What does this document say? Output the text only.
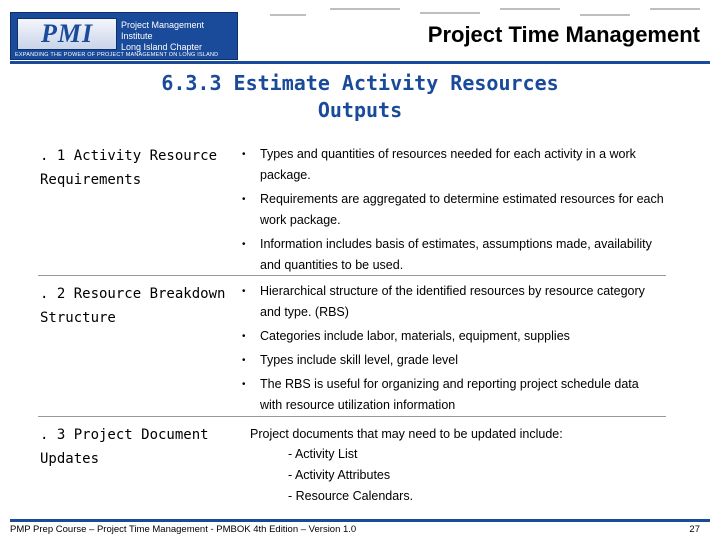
PMI	Project Management Institute
Long Island Chapter
EXPANDING THE POWER OF PROJECT MANAGEMENT ON LONG ISLAND
Project Time Management
6.3.3 Estimate Activity Resources
Outputs
. 1 Activity Resource
Requirements
• Types and quantities of resources needed for each activity in a work package.
• Requirements are aggregated to determine estimated resources for each work package.
• Information includes basis of estimates, assumptions made, availability and quantities to be used.
. 2 Resource Breakdown
Structure
• Hierarchical structure of the identified resources by resource category and type. (RBS)
• Categories include labor, materials, equipment, supplies
• Types include skill level, grade level
• The RBS is useful for organizing and reporting project schedule data with resource utilization information
. 3 Project Document
Updates
Project documents that may need to be updated include:
- Activity List
- Activity Attributes
- Resource Calendars.
PMP Prep Course – Project Time Management - PMBOK 4th Edition – Version 1.0	27
